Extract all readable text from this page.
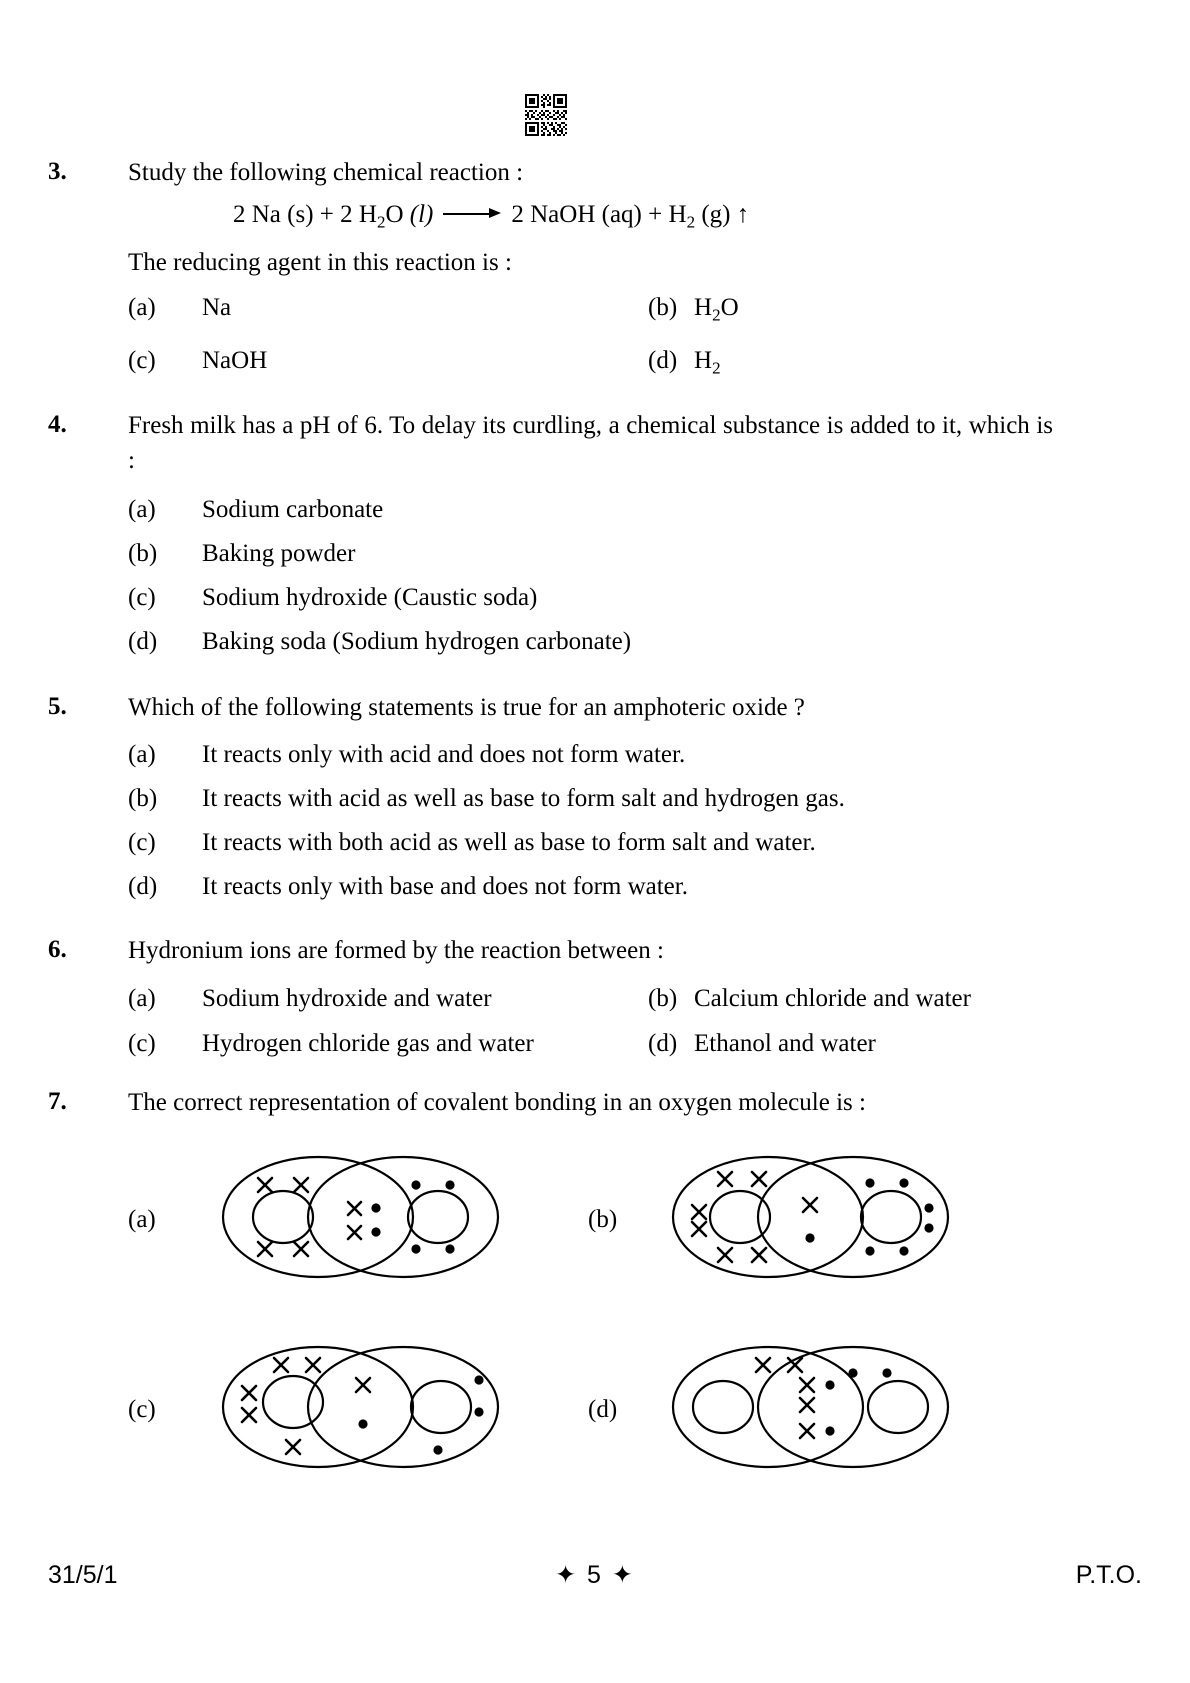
3.	Study the following chemical reaction :
2 Na (s) + 2 $H_2O$ (l)	2 NaOH $(aq) + H_2$ (g) ↑
The reducing agent in this reaction is :
(a)	Na	(b) $H_2O$
(c)	NaOH	(d) $H_2$
4.	Fresh milk has a pH of 6. To delay its curdling, a chemical substance is added to it, which is :
(a)	Sodium carbonate
(b)	Baking powder
(c)	Sodium hydroxide (Caustic soda)
(d)	Baking soda (Sodium hydrogen carbonate)
5.	Which of the following statements is true for an amphoteric oxide ?
(a)	It reacts only with acid and does not form water.
(b)	It reacts with acid as well as base to form salt and hydrogen gas.
(c)	It reacts with both acid as well as base to form salt and water.
(d)	It reacts only with base and does not form water.
6.	Hydronium ions are formed by the reaction between :
(a)	Sodium hydroxide and water	(b) Calcium chloride and water
(c)	Hydrogen chloride gas and water	(d) Ethanol and water
7.	The correct representation of covalent bonding in an oxygen molecule is :
(a)	(b)
(c)	(d)
31/5/1	✦ 5 ✦	P.T.O.
